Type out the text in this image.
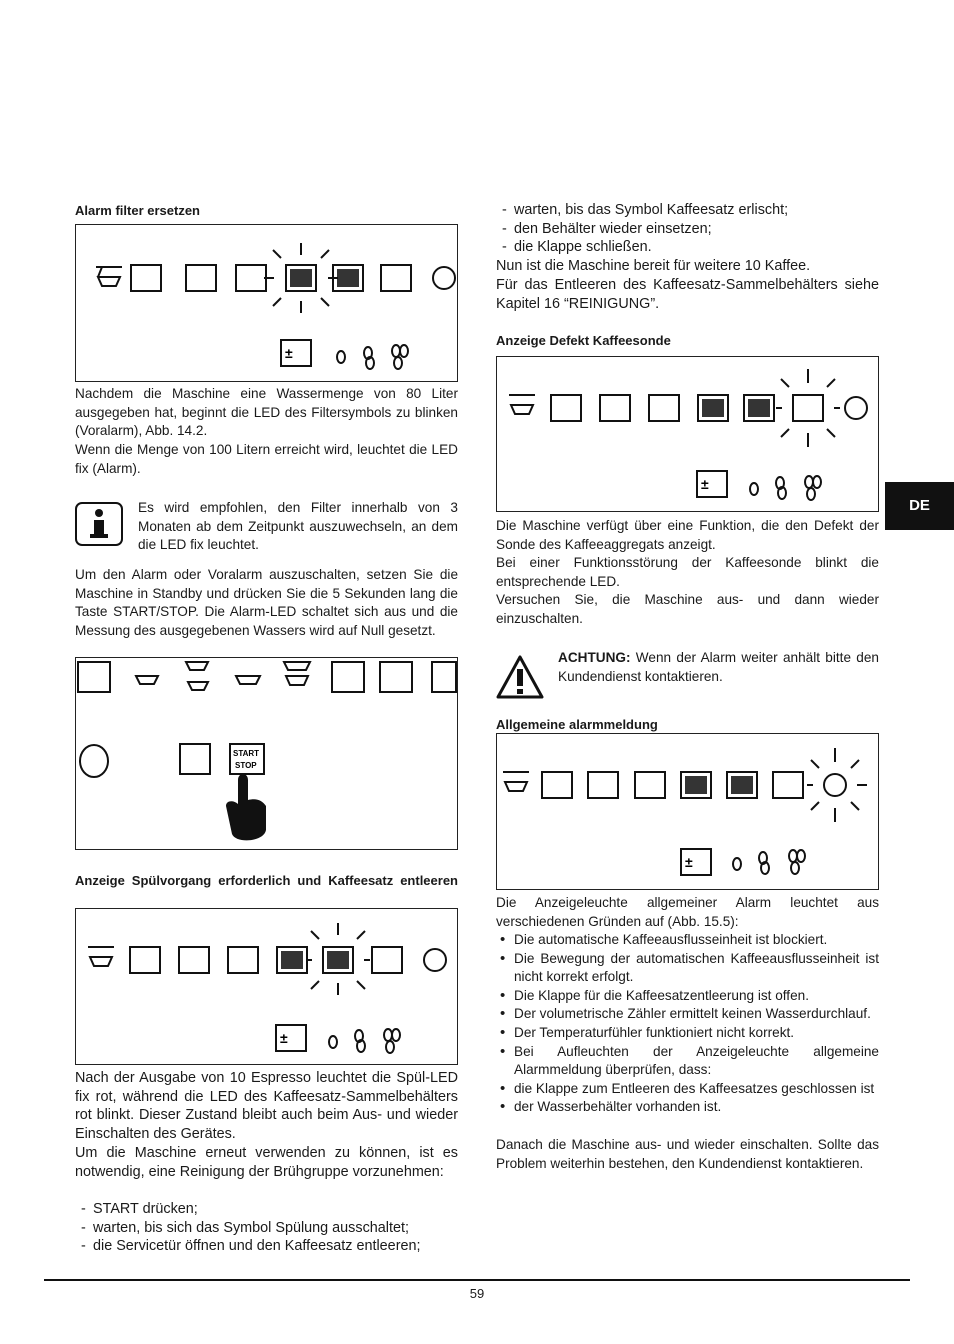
Alarm filter ersetzen
±

Nachdem die Maschine eine Wassermenge von 80 Liter ausgegeben hat, beginnt die LED des Filtersymbols zu blinken (Voralarm), Abb. 14.2.

Wenn die Menge von 100 Litern erreicht wird, leuchtet die LED fix (Alarm).

Es wird empfohlen, den Filter innerhalb von 3 Monaten ab dem Zeitpunkt auszuwechseln, an dem die LED fix leuchtet.

Um den Alarm oder Voralarm auszuschalten, setzen Sie die Maschine in Standby und drücken Sie die 5 Sekunden lang die Taste START/STOP. Die Alarm-LED schaltet sich aus und die Messung des ausgegebenen Wassers wird auf Null gesetzt.

START
STOP
Anzeige Spülvorgang erforderlich und Kaffeesatz entleeren
±

Nach der Ausgabe von 10 Espresso leuchtet die Spül-LED fix rot, während die LED des Kaffeesatz-Sammelbehälters rot blinkt. Dieser Zustand bleibt auch beim Aus- und wieder Einschalten des Gerätes.

Um die Maschine erneut verwenden zu können, ist es notwendig, eine Reinigung der Brühgruppe vorzunehmen:

- START drücken;
- warten, bis sich das Symbol Spülung ausschaltet;
- die Servicetür öffnen und den Kaffeesatz entleeren;
- warten, bis das Symbol Kaffeesatz erlischt;
- den Behälter wieder einsetzen;
- die Klappe schließen.

Nun ist die Maschine bereit für weitere 10 Kaffee.

Für das Entleeren des Kaffeesatz-Sammelbehälters siehe Kapitel 16 “REINIGUNG”.

Anzeige Defekt Kaffeesonde
±

Die Maschine verfügt über eine Funktion, die den Defekt der Sonde des Kaffeeaggregats anzeigt.

Bei einer Funktionsstörung der Kaffeesonde blinkt die entsprechende LED.

Versuchen Sie, die Maschine aus- und dann wieder einzuschalten.

ACHTUNG: Wenn der Alarm weiter anhält bitte den Kundendienst kontaktieren.

Allgemeine alarmmeldung
±

Die Anzeigeleuchte allgemeiner Alarm leuchtet aus verschiedenen Gründen auf (Abb. 15.5):

• Die automatische Kaffeeausflusseinheit ist blockiert.
• Die Bewegung der automatischen Kaffeeausflusseinheit ist nicht korrekt erfolgt.
• Die Klappe für die Kaffeesatzentleerung ist offen.
• Der volumetrische Zähler ermittelt keinen Wasserdurchlauf.
• Der Temperaturfühler funktioniert nicht korrekt.
• Bei Aufleuchten der Anzeigeleuchte allgemeine Alarmmeldung überprüfen, dass:
• die Klappe zum Entleeren des Kaffeesatzes geschlossen ist
• der Wasserbehälter vorhanden ist.

Danach die Maschine aus- und wieder einschalten. Sollte das Problem weiterhin bestehen, den Kundendienst kontaktieren.

DE
59
